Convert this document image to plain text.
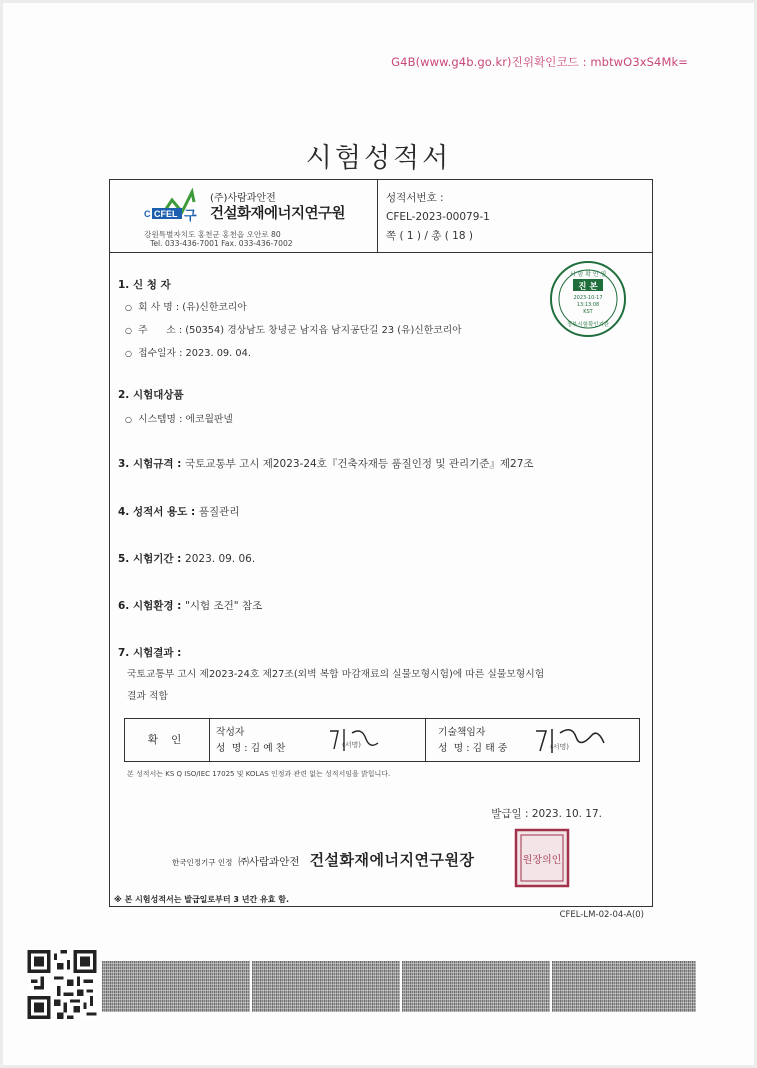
G4B(www.g4b.go.kr)진위확인코드 : mbtwO3xS4Mk=
시험성적서
C CFEL 구
(주)사람과안전
건설화재에너지연구원
강원특별자치도 홍천군 홍천읍 오안로 80
Tel. 033-436-7001 Fax. 033-436-7002
성적서번호 :
CFEL-2023-00079-1
쪽 ( 1 ) / 총 ( 18 )
시 험 확 인 필
진 본
2023-10-17
13:13:08
KST
정부시험확인기관
1. 신 청 자
○ 회 사 명 : (유)신한코리아
○ 주      소 : (50354) 경상남도 창녕군 남지읍 남지공단길 23 (유)신한코리아
○ 접수일자 : 2023. 09. 04.
2. 시험대상품
○ 시스템명 : 에코월판넬
3. 시험규격 : 국토교통부 고시 제2023-24호『건축자재등 품질인정 및 관리기준』제27조
4. 성적서 용도 : 품질관리
5. 시험기간 : 2023. 09. 06.
6. 시험환경 : "시험 조건" 참조
7. 시험결과 :
국토교통부 고시 제2023-24호 제27조(외벽 복합 마감재료의 실물모형시험)에 따른 실물모형시험
결과 적합
확 인
작성자
성  명 : 김 예 찬	(서명)
기술책임자
성  명 : 김 태 중	(서명)
본 성적서는 KS Q ISO/IEC 17025 및 KOLAS 인정과 관련 없는 성적서임을 밝힙니다.
발급일 : 2023. 10. 17.
한국인정기구 인정 ㈜사람과안전 건설화재에너지연구원장	원장의인
※ 본 시험성적서는 발급일로부터 3 년간 유효 함.
CFEL-LM-02-04-A(0)
